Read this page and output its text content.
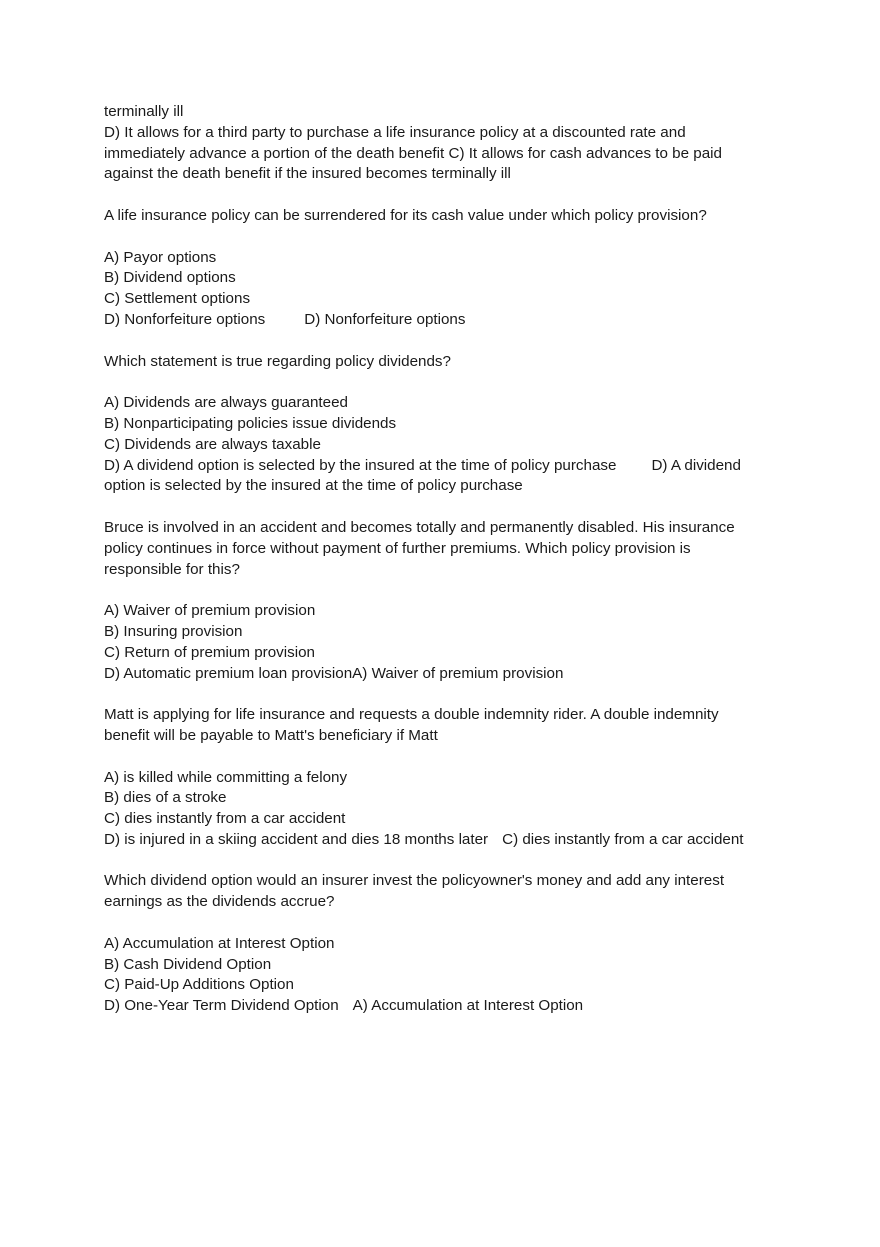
terminally ill

D) It allows for a third party to purchase a life insurance policy at a discounted rate and

immediately advance a portion of the death benefit C) It allows for cash advances to be paid

against the death benefit if the insured becomes terminally ill

A life insurance policy can be surrendered for its cash value under which policy provision?

A) Payor options

B) Dividend options

C) Settlement options

D) Nonforfeiture options	D) Nonforfeiture options

Which statement is true regarding policy dividends?

A) Dividends are always guaranteed

B) Nonparticipating policies issue dividends

C) Dividends are always taxable

D) A dividend option is selected by the insured at the time of policy purchase D) A dividend

option is selected by the insured at the time of policy purchase

Bruce is involved in an accident and becomes totally and permanently disabled. His insurance

policy continues in force without payment of further premiums. Which policy provision is

responsible for this?

A) Waiver of premium provision

B) Insuring provision

C) Return of premium provision

D) Automatic premium loan provisionA) Waiver of premium provision

Matt is applying for life insurance and requests a double indemnity rider. A double indemnity

benefit will be payable to Matt's beneficiary if Matt

A) is killed while committing a felony

B) dies of a stroke

C) dies instantly from a car accident

D) is injured in a skiing accident and dies 18 months later C) dies instantly from a car accident

Which dividend option would an insurer invest the policyowner's money and add any interest

earnings as the dividends accrue?

A) Accumulation at Interest Option

B) Cash Dividend Option

C) Paid-Up Additions Option

D) One-Year Term Dividend Option A) Accumulation at Interest Option
